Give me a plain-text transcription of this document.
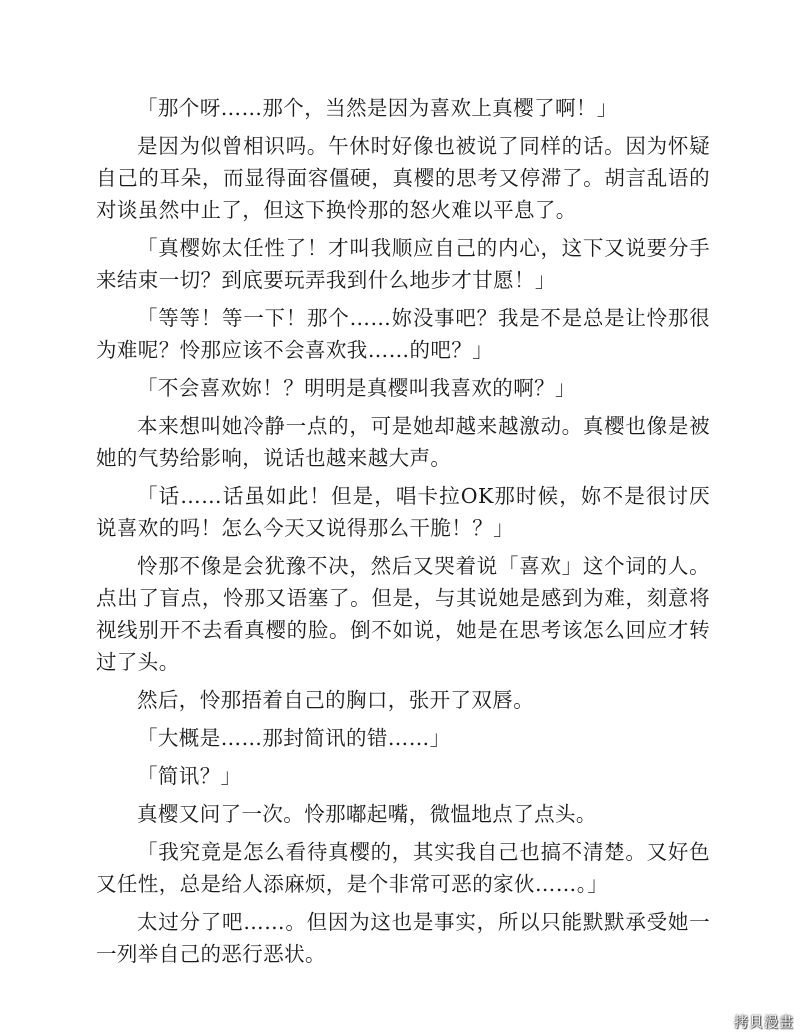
「那个呀……那个，当然是因为喜欢上真樱了啊！」

是因为似曾相识吗。午休时好像也被说了同样的话。因为怀疑自己的耳朵，而显得面容僵硬，真樱的思考又停滞了。胡言乱语的对谈虽然中止了，但这下换怜那的怒火难以平息了。

「真樱妳太任性了！才叫我顺应自己的内心，这下又说要分手来结束一切？到底要玩弄我到什么地步才甘愿！」

「等等！等一下！那个……妳没事吧？我是不是总是让怜那很为难呢？怜那应该不会喜欢我……的吧？」

「不会喜欢妳！？明明是真樱叫我喜欢的啊？」

本来想叫她冷静一点的，可是她却越来越激动。真樱也像是被她的气势给影响，说话也越来越大声。

「话……话虽如此！但是，唱卡拉OK那时候，妳不是很讨厌说喜欢的吗！怎么今天又说得那么干脆！？」

怜那不像是会犹豫不决，然后又哭着说「喜欢」这个词的人。点出了盲点，怜那又语塞了。但是，与其说她是感到为难，刻意将视线别开不去看真樱的脸。倒不如说，她是在思考该怎么回应才转过了头。

然后，怜那捂着自己的胸口，张开了双唇。

「大概是……那封简讯的错……」

「简讯？」

真樱又问了一次。怜那嘟起嘴，微愠地点了点头。

「我究竟是怎么看待真樱的，其实我自己也搞不清楚。又好色又任性，总是给人添麻烦，是个非常可恶的家伙……。」

太过分了吧……。但因为这也是事实，所以只能默默承受她一一列举自己的恶行恶状。

拷貝漫畫
